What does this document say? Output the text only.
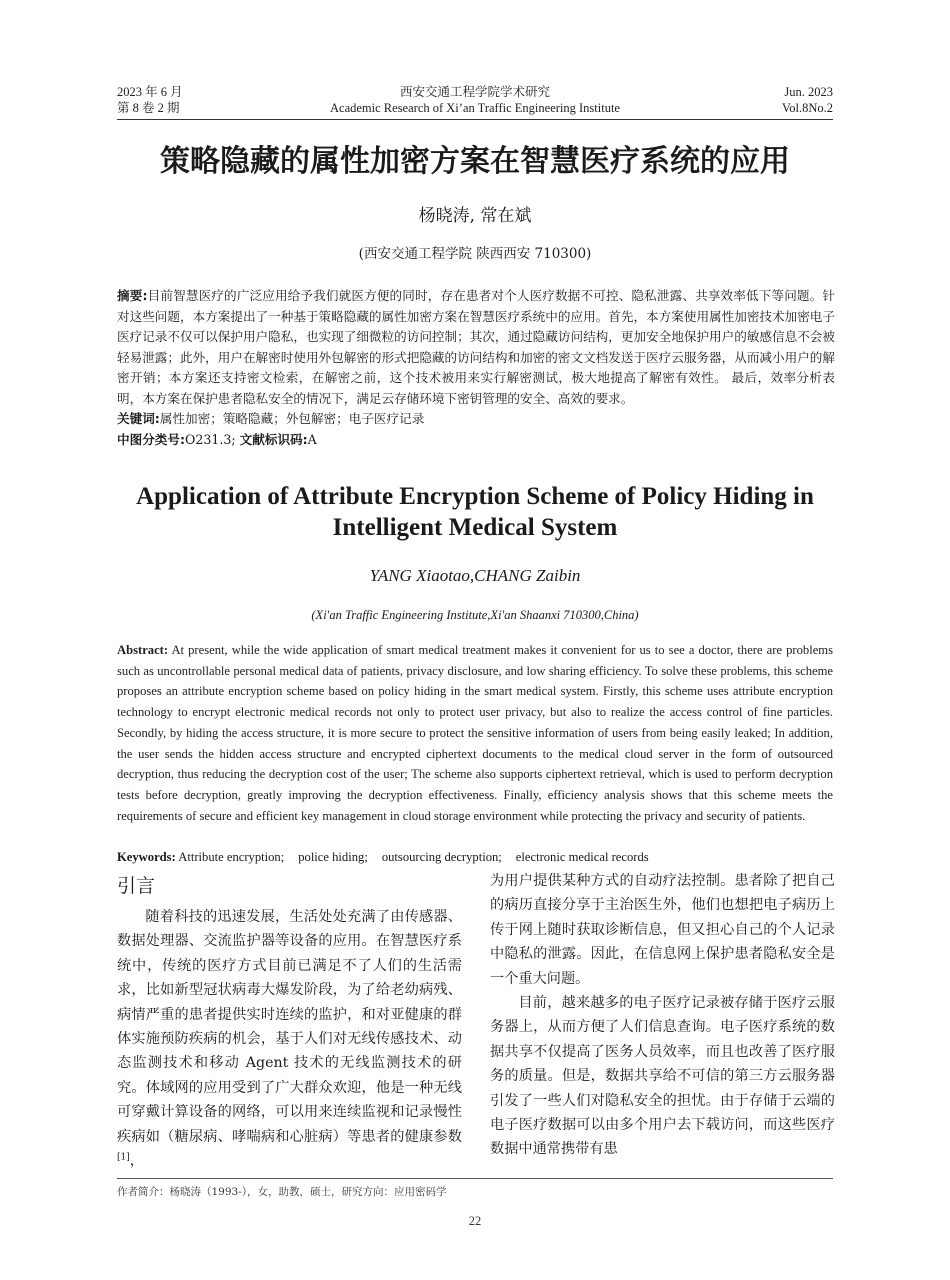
2023 年 6 月
第 8 卷 2 期
西安交通工程学院学术研究
Academic Research of Xi’an Traffic Engineering Institute
Jun. 2023
Vol.8No.2
策略隐藏的属性加密方案在智慧医疗系统的应用
杨晓涛, 常在斌
(西安交通工程学院 陕西西安 710300)
摘要:目前智慧医疗的广泛应用给予我们就医方便的同时，存在患者对个人医疗数据不可控、隐私泄露、共享效率低下等问题。针对这些问题，本方案提出了一种基于策略隐藏的属性加密方案在智慧医疗系统中的应用。首先，本方案使用属性加密技术加密电子医疗记录不仅可以保护用户隐私，也实现了细微粒的访问控制；其次，通过隐藏访问结构，更加安全地保护用户的敏感信息不会被轻易泄露；此外，用户在解密时使用外包解密的形式把隐藏的访问结构和加密的密文文档发送于医疗云服务器，从而减小用户的解密开销；本方案还支持密文检索，在解密之前，这个技术被用来实行解密测试，极大地提高了解密有效性。 最后，效率分析表明，本方案在保护患者隐私安全的情况下，满足云存储环境下密钥管理的安全、高效的要求。
关键词:属性加密；策略隐藏；外包解密；电子医疗记录
中图分类号:O231.3; 文献标识码:A
Application of Attribute Encryption Scheme of Policy Hiding in Intelligent Medical System
YANG Xiaotao,CHANG Zaibin
(Xi'an Traffic Engineering Institute,Xi'an Shaanxi 710300,China)
Abstract: At present, while the wide application of smart medical treatment makes it convenient for us to see a doctor, there are problems such as uncontrollable personal medical data of patients, privacy disclosure, and low sharing efficiency. To solve these problems, this scheme proposes an attribute encryption scheme based on policy hiding in the smart medical system. Firstly, this scheme uses attribute encryption technology to encrypt electronic medical records not only to protect user privacy, but also to realize the access control of fine particles. Secondly, by hiding the access structure, it is more secure to protect the sensitive information of users from being easily leaked; In addition, the user sends the hidden access structure and encrypted ciphertext documents to the medical cloud server in the form of outsourced decryption, thus reducing the decryption cost of the user; The scheme also supports ciphertext retrieval, which is used to perform decryption tests before decryption, greatly improving the decryption effectiveness. Finally, efficiency analysis shows that this scheme meets the requirements of secure and efficient key management in cloud storage environment while protecting the privacy and security of patients.
Keywords: Attribute encryption; police hiding; outsourcing decryption; electronic medical records
引言

随着科技的迅速发展，生活处处充满了由传感器、数据处理器、交流监护器等设备的应用。在智慧医疗系统中，传统的医疗方式目前已满足不了人们的生活需求，比如新型冠状病毒大爆发阶段，为了给老幼病残、病情严重的患者提供实时连续的监护，和对亚健康的群体实施预防疾病的机会，基于人们对无线传感技术、动态监测技术和移动 Agent 技术的无线监测技术的研究。体域网的应用受到了广大群众欢迎，他是一种无线可穿戴计算设备的网络，可以用来连续监视和记录慢性疾病如（糖尿病、哮喘病和心脏病）等患者的健康参数[1]，

为用户提供某种方式的自动疗法控制。患者除了把自己的病历直接分享于主治医生外，他们也想把电子病历上传于网上随时获取诊断信息，但又担心自己的个人记录中隐私的泄露。因此，在信息网上保护患者隐私安全是一个重大问题。

目前，越来越多的电子医疗记录被存储于医疗云服务器上，从而方便了人们信息查询。电子医疗系统的数据共享不仅提高了医务人员效率，而且也改善了医疗服务的质量。但是，数据共享给不可信的第三方云服务器引发了一些人们对隐私安全的担忧。由于存储于云端的电子医疗数据可以由多个用户去下载访问，而这些医疗数据中通常携带有患

作者简介：杨晓涛（1993-），女，助教，硕士，研究方向：应用密码学
22
